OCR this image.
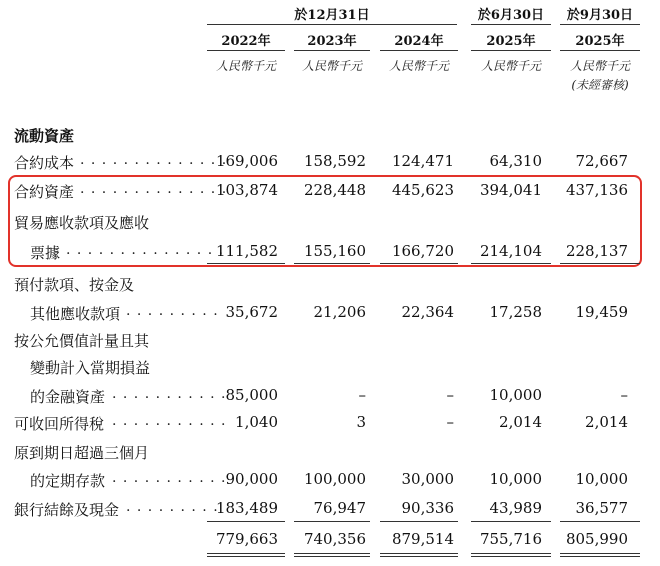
於12月31日	於6月30日	於9月30日
2022年	2023年	2024年	2025年	2025年
人民幣千元	人民幣千元	人民幣千元	人民幣千元	人民幣千元
(未經審核)
流動資產
合約成本 . . . . . . . . . . . . . .
169,006	158,592	124,471	64,310	72,667
合約資產 . . . . . . . . . . . . . .
103,874	228,448	445,623	394,041	437,136
貿易應收款項及應收
票據 . . . . . . . . . . . . . . .
111,582	155,160	166,720	214,104	228,137
預付款項、按金及
其他應收款項 . . . . . . . . . 35,672	21,206	22,364	17,258	19,459
按公允價值計量且其
變動計入當期損益
的金融資產 . . . . . . . . . . . 85,000	–	–	10,000	–
可收回所得稅 . . . . . . . . . . . 1,040	3	–	2,014	2,014
原到期日超過三個月
的定期存款 . . . . . . . . . . . 90,000	100,000	30,000	10,000	10,000
銀行結餘及現金 . . . . . . . . .
183,489	76,947	90,336	43,989	36,577
779,663	740,356	879,514	755,716	805,990
